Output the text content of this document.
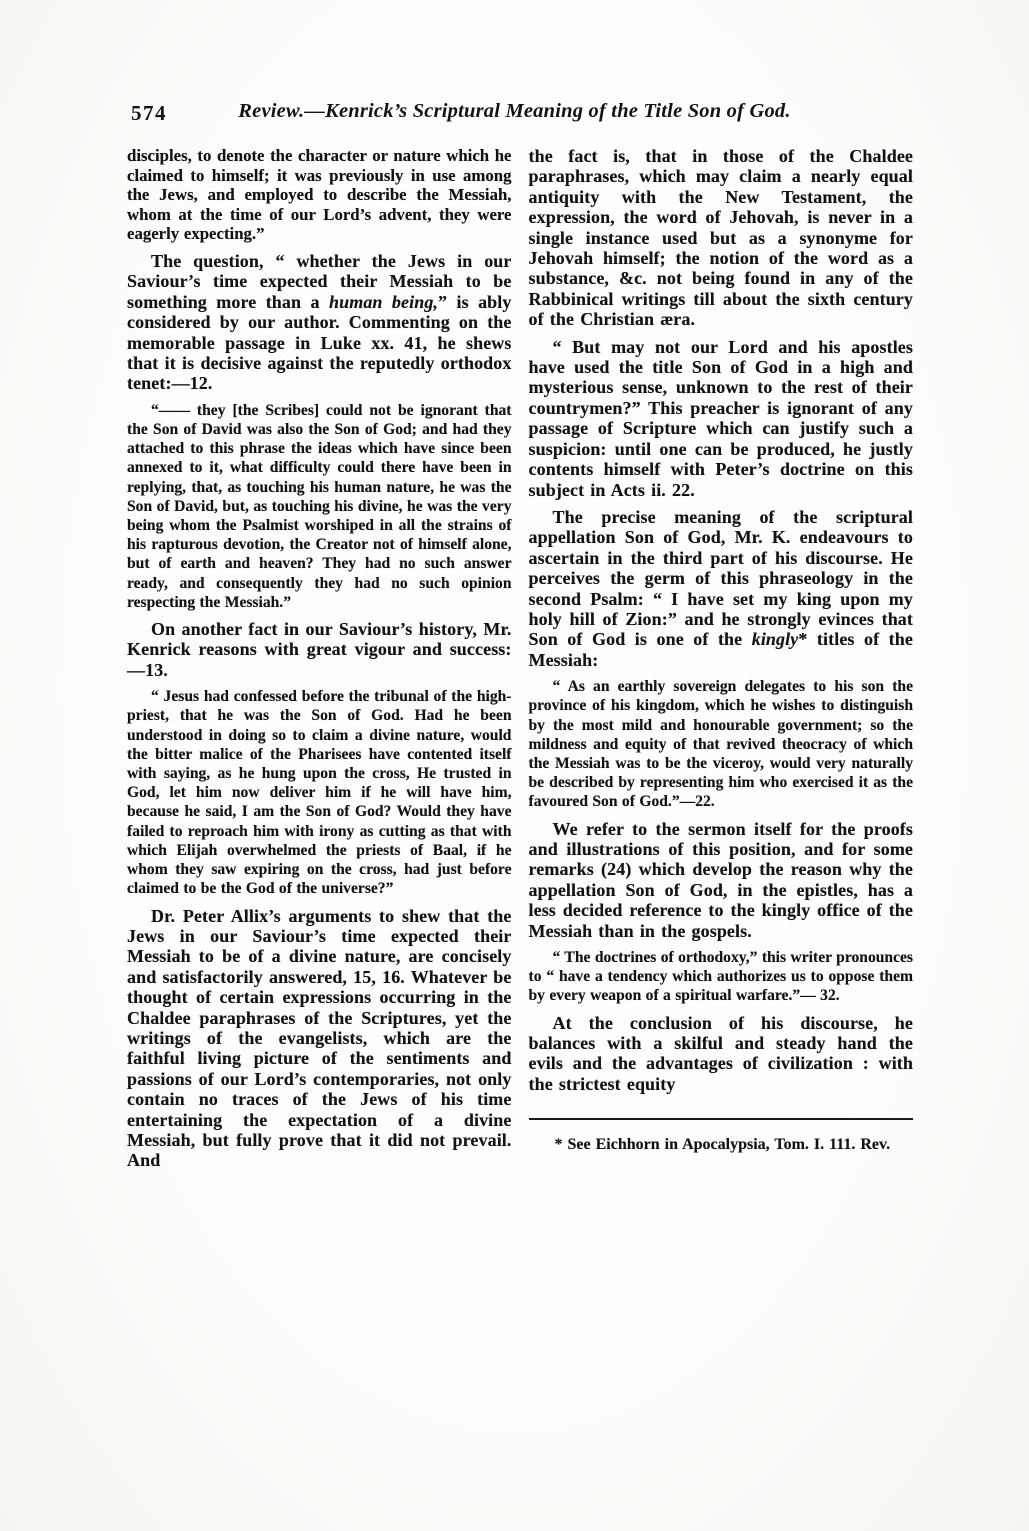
574	Review.—Kenrick’s Scriptural Meaning of the Title Son of God.

disciples, to denote the character or nature which he claimed to himself; it was previously in use among the Jews, and employed to describe the Messiah, whom at the time of our Lord’s advent, they were eagerly expecting.”

The question, “ whether the Jews in our Saviour’s time expected their Messiah to be something more than a human being,” is ably considered by our author. Commenting on the memorable passage in Luke xx. 41, he shews that it is decisive against the reputedly orthodox tenet:—12.

“—— they [the Scribes] could not be ignorant that the Son of David was also the Son of God; and had they attached to this phrase the ideas which have since been annexed to it, what difficulty could there have been in replying, that, as touching his human nature, he was the Son of David, but, as touching his divine, he was the very being whom the Psalmist worshiped in all the strains of his rapturous devotion, the Creator not of himself alone, but of earth and heaven? They had no such answer ready, and consequently they had no such opinion respecting the Messiah.”

On another fact in our Saviour’s history, Mr. Kenrick reasons with great vigour and success:—13.

“ Jesus had confessed before the tribunal of the high-priest, that he was the Son of God. Had he been understood in doing so to claim a divine nature, would the bitter malice of the Pharisees have contented itself with saying, as he hung upon the cross, He trusted in God, let him now deliver him if he will have him, because he said, I am the Son of God? Would they have failed to reproach him with irony as cutting as that with which Elijah overwhelmed the priests of Baal, if he whom they saw expiring on the cross, had just before claimed to be the God of the universe?”

Dr. Peter Allix’s arguments to shew that the Jews in our Saviour’s time expected their Messiah to be of a divine nature, are concisely and satisfactorily answered, 15, 16. Whatever be thought of certain expressions occurring in the Chaldee paraphrases of the Scriptures, yet the writings of the evangelists, which are the faithful living picture of the sentiments and passions of our Lord’s contemporaries, not only contain no traces of the Jews of his time entertaining the expectation of a divine Messiah, but fully prove that it did not prevail. And

the fact is, that in those of the Chaldee paraphrases, which may claim a nearly equal antiquity with the New Testament, the expression, the word of Jehovah, is never in a single instance used but as a synonyme for Jehovah himself; the notion of the word as a substance, &c. not being found in any of the Rabbinical writings till about the sixth century of the Christian æra.

“ But may not our Lord and his apostles have used the title Son of God in a high and mysterious sense, unknown to the rest of their countrymen?” This preacher is ignorant of any passage of Scripture which can justify such a suspicion: until one can be produced, he justly contents himself with Peter’s doctrine on this subject in Acts ii. 22.

The precise meaning of the scriptural appellation Son of God, Mr. K. endeavours to ascertain in the third part of his discourse. He perceives the germ of this phraseology in the second Psalm: “ I have set my king upon my holy hill of Zion:” and he strongly evinces that Son of God is one of the kingly* titles of the Messiah:

“ As an earthly sovereign delegates to his son the province of his kingdom, which he wishes to distinguish by the most mild and honourable government; so the mildness and equity of that revived theocracy of which the Messiah was to be the viceroy, would very naturally be described by representing him who exercised it as the favoured Son of God.”—22.

We refer to the sermon itself for the proofs and illustrations of this position, and for some remarks (24) which develop the reason why the appellation Son of God, in the epistles, has a less decided reference to the kingly office of the Messiah than in the gospels.

“ The doctrines of orthodoxy,” this writer pronounces to “ have a tendency which authorizes us to oppose them by every weapon of a spiritual warfare.”— 32.

At the conclusion of his discourse, he balances with a skilful and steady hand the evils and the advantages of civilization : with the strictest equity

* See Eichhorn in Apocalypsia, Tom. I. 111. Rev.
